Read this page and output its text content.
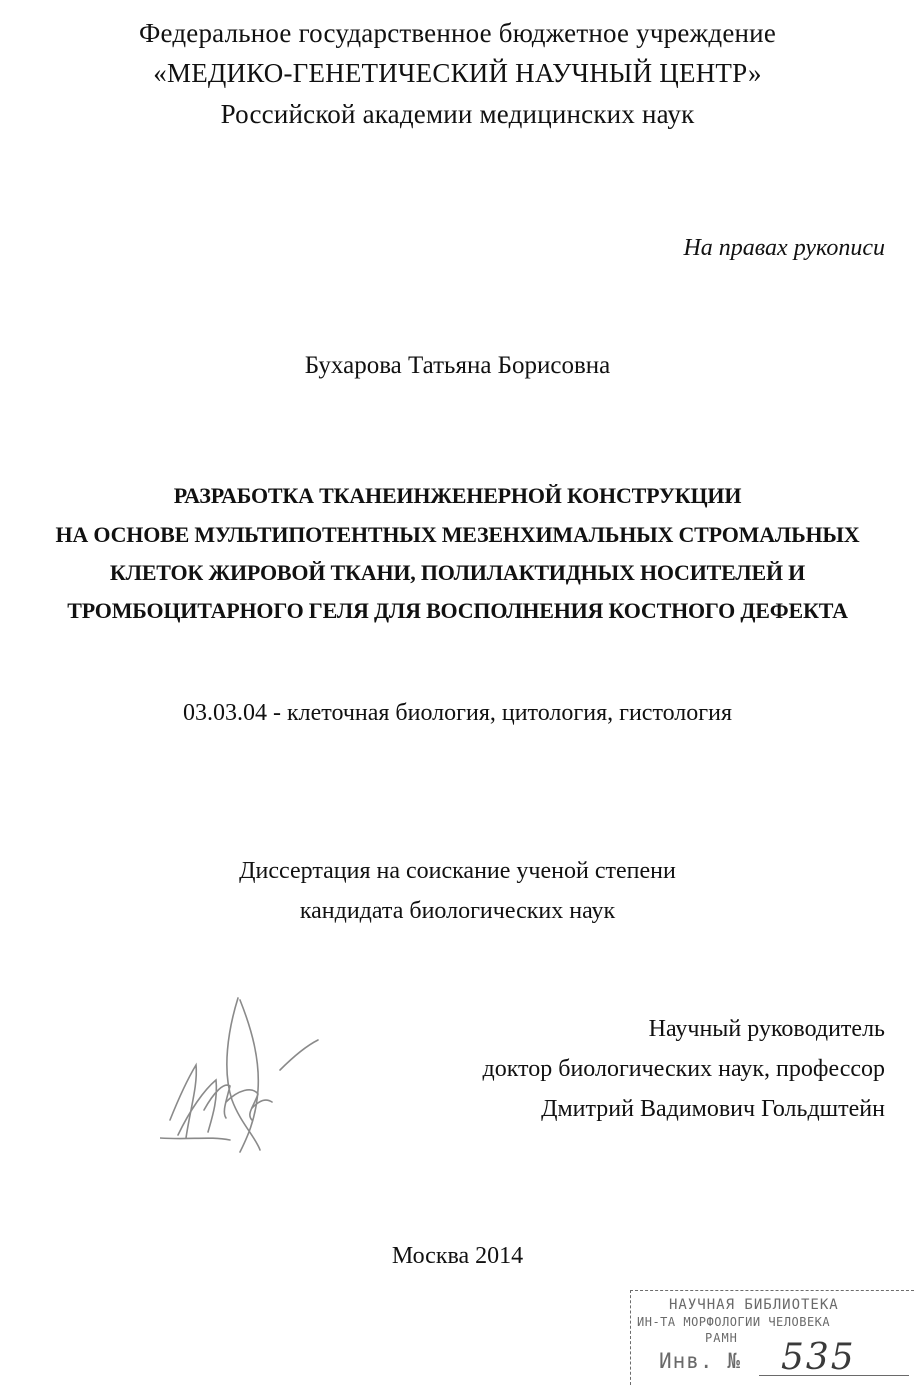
Федеральное государственное бюджетное учреждение
«МЕДИКО-ГЕНЕТИЧЕСКИЙ НАУЧНЫЙ ЦЕНТР»
Российской академии медицинских наук
На правах рукописи
Бухарова Татьяна Борисовна
РАЗРАБОТКА ТКАНЕИНЖЕНЕРНОЙ КОНСТРУКЦИИ
НА ОСНОВЕ МУЛЬТИПОТЕНТНЫХ МЕЗЕНХИМАЛЬНЫХ СТРОМАЛЬНЫХ
КЛЕТОК ЖИРОВОЙ ТКАНИ, ПОЛИЛАКТИДНЫХ НОСИТЕЛЕЙ И
ТРОМБОЦИТАРНОГО ГЕЛЯ ДЛЯ ВОСПОЛНЕНИЯ КОСТНОГО ДЕФЕКТА
03.03.04 - клеточная биология, цитология, гистология
Диссертация на соискание ученой степени
кандидата биологических наук
Научный руководитель
доктор биологических наук, профессор
Дмитрий Вадимович Гольдштейн
Москва 2014
НАУЧНАЯ БИБЛИОТЕКА
ИН-ТА МОРФОЛОГИИ ЧЕЛОВЕКА
РАМН
Инв. № 535
